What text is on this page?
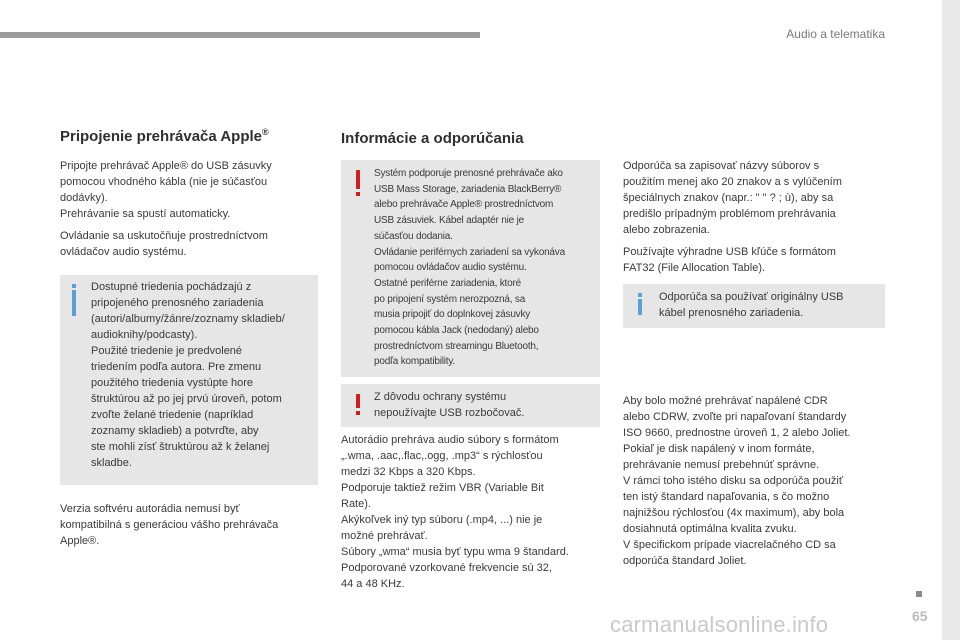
Audio a telematika
Pripojenie prehrávača Apple®

Pripojte prehrávač Apple® do USB zásuvky
pomocou vhodného kábla (nie je súčasťou
dodávky).
Prehrávanie sa spustí automaticky.

Ovládanie sa uskutočňuje prostredníctvom
ovládačov audio systému.

Dostupné triedenia pochádzajú z
pripojeného prenosného zariadenia
(autori/albumy/žánre/zoznamy skladieb/
audioknihy/podcasty).
Použité triedenie je predvolené
triedením podľa autora. Pre zmenu
použitého triedenia vystúpte hore
štruktúrou až po jej prvú úroveň, potom
zvoľte želané triedenie (napríklad
zoznamy skladieb) a potvrďte, aby
ste mohli zísť štruktúrou až k želanej
skladbe.

Verzia softvéru autorádia nemusí byť
kompatibilná s generáciou vášho prehrávača
Apple®.

Informácie a odporúčania
Systém podporuje prenosné prehrávače ako
USB Mass Storage, zariadenia BlackBerry®
alebo prehrávače Apple® prostredníctvom
USB zásuviek. Kábel adaptér nie je
súčasťou dodania.
Ovládanie periférnych zariadení sa vykonáva
pomocou ovládačov audio systému.
Ostatné periférne zariadenia, ktoré
po pripojení systém nerozpozná, sa
musia pripojiť do doplnkovej zásuvky
pomocou kábla Jack (nedodaný) alebo
prostredníctvom streamingu Bluetooth,
podľa kompatibility.
Z dôvodu ochrany systému
nepoužívajte USB rozbočovač.

Autorádio prehráva audio súbory s formátom
„.wma, .aac,.flac,.ogg, .mp3“ s rýchlosťou
medzi 32 Kbps a 320 Kbps.
Podporuje taktiež režim VBR (Variable Bit
Rate).
Akýkoľvek iný typ súboru (.mp4, ...) nie je
možné prehrávať.
Súbory „wma“ musia byť typu wma 9 štandard.
Podporované vzorkované frekvencie sú 32,
44 a 48 KHz.

Odporúča sa zapisovať názvy súborov s
použitím menej ako 20 znakov a s vylúčením
špeciálnych znakov (napr.: " " ? ; ù), aby sa
predišlo prípadným problémom prehrávania
alebo zobrazenia.

Používajte výhradne USB kľúče s formátom
FAT32 (File Allocation Table).

Odporúča sa používať originálny USB
kábel prenosného zariadenia.

Aby bolo možné prehrávať napálené CDR
alebo CDRW, zvoľte pri napaľovaní štandardy
ISO 9660, prednostne úroveň 1, 2 alebo Joliet.
Pokiaľ je disk napálený v inom formáte,
prehrávanie nemusí prebehnúť správne.
V rámci toho istého disku sa odporúča použiť
ten istý štandard napaľovania, s čo možno
najnižšou rýchlosťou (4x maximum), aby bola
dosiahnutá optimálna kvalita zvuku.
V špecifickom prípade viacrelačného CD sa
odporúča štandard Joliet.

65
carmanualsonline.info
